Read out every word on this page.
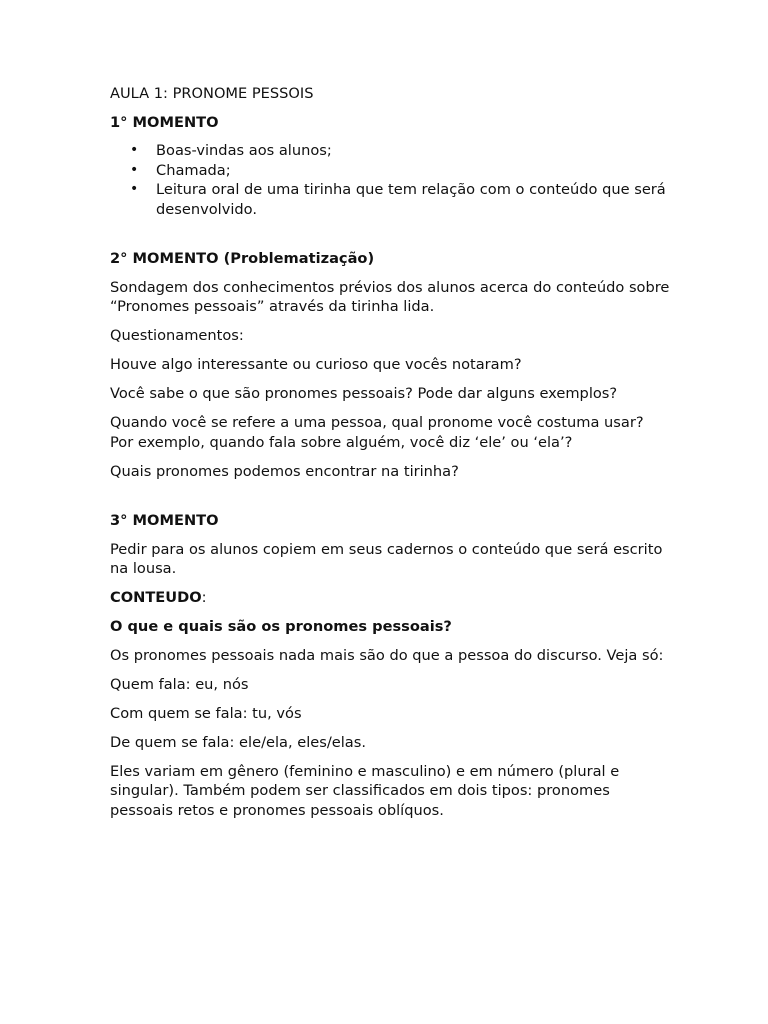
AULA 1: PRONOME PESSOIS

1° MOMENTO

• Boas-vindas aos alunos;
• Chamada;
• Leitura oral de uma tirinha que tem relação com o conteúdo que será desenvolvido.

2° MOMENTO (Problematização)

Sondagem dos conhecimentos prévios dos alunos acerca do conteúdo sobre “Pronomes pessoais” através da tirinha lida.

Questionamentos:

Houve algo interessante ou curioso que vocês notaram?

Você sabe o que são pronomes pessoais? Pode dar alguns exemplos?

Quando você se refere a uma pessoa, qual pronome você costuma usar? Por exemplo, quando fala sobre alguém, você diz ‘ele’ ou ‘ela’?

Quais pronomes podemos encontrar na tirinha?

3° MOMENTO

Pedir para os alunos copiem em seus cadernos o conteúdo que será escrito na lousa.

CONTEUDO:

O que e quais são os pronomes pessoais?

Os pronomes pessoais nada mais são do que a pessoa do discurso. Veja só:

Quem fala: eu, nós

Com quem se fala: tu, vós

De quem se fala: ele/ela, eles/elas.

Eles variam em gênero (feminino e masculino) e em número (plural e singular). Também podem ser classificados em dois tipos: pronomes pessoais retos e pronomes pessoais oblíquos.
